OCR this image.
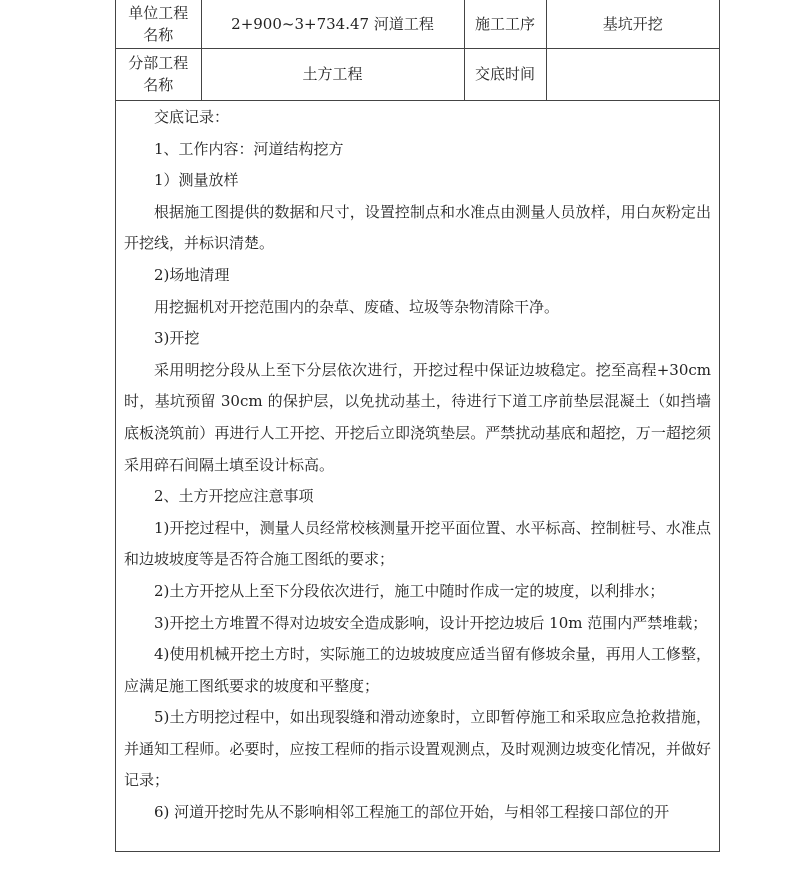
单位工程
名称	2+900~3+734.47 河道工程	施工工序	基坑开挖

分部工程
名称	土方工程	交底时间	

交底记录：

1、工作内容：河道结构挖方

1）测量放样

根据施工图提供的数据和尺寸，设置控制点和水准点由测量人员放样，用白灰粉定出开挖线，并标识清楚。

2)场地清理

用挖掘机对开挖范围内的杂草、废碴、垃圾等杂物清除干净。

3)开挖

采用明挖分段从上至下分层依次进行，开挖过程中保证边坡稳定。挖至高程+30cm时，基坑预留 30cm 的保护层，以免扰动基土，待进行下道工序前垫层混凝土（如挡墙底板浇筑前）再进行人工开挖、开挖后立即浇筑垫层。严禁扰动基底和超挖，万一超挖须采用碎石间隔土填至设计标高。

2、土方开挖应注意事项

1)开挖过程中，测量人员经常校核测量开挖平面位置、水平标高、控制桩号、水准点和边坡坡度等是否符合施工图纸的要求；

2)土方开挖从上至下分段依次进行，施工中随时作成一定的坡度，以利排水；

3)开挖土方堆置不得对边坡安全造成影响，设计开挖边坡后 10m 范围内严禁堆载；

4)使用机械开挖土方时，实际施工的边坡坡度应适当留有修坡余量，再用人工修整，应满足施工图纸要求的坡度和平整度；

5)土方明挖过程中，如出现裂缝和滑动迹象时，立即暂停施工和采取应急抢救措施，并通知工程师。必要时，应按工程师的指示设置观测点，及时观测边坡变化情况，并做好记录；

6) 河道开挖时先从不影响相邻工程施工的部位开始，与相邻工程接口部位的开
